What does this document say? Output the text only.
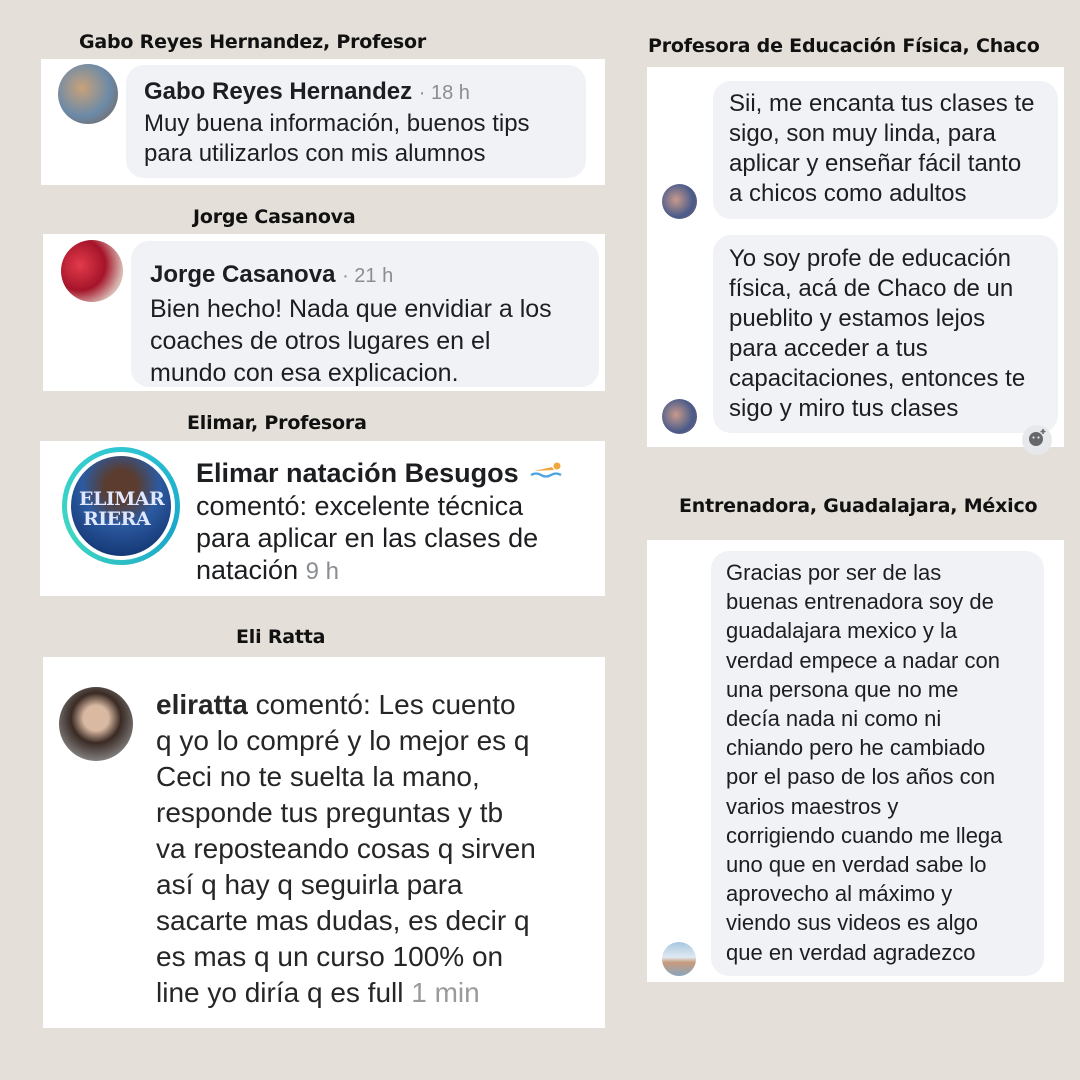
Gabo Reyes Hernandez, Profesor
Jorge Casanova
Elimar, Profesora
Eli Ratta
Profesora de Educación Física, Chaco
Entrenadora, Guadalajara, México
Gabo Reyes Hernandez · 18 h
Muy buena información, buenos tips
para utilizarlos con mis alumnos
Jorge Casanova · 21 h
Bien hecho! Nada que envidiar a los
coaches de otros lugares en el
mundo con esa explicacion.
ELIMAR
RIERA
Elimar natación Besugos
comentó: excelente técnica
para aplicar en las clases de
natación 9 h
eliratta comentó: Les cuento
q yo lo compré y lo mejor es q
Ceci no te suelta la mano,
responde tus preguntas y tb
va reposteando cosas q sirven
así q hay q seguirla para
sacarte mas dudas, es decir q
es mas q un curso 100% on
line yo diría q es full 1 min
Sii, me encanta tus clases te
sigo, son muy linda, para
aplicar y enseñar fácil tanto
a chicos como adultos
Yo soy profe de educación
física, acá de Chaco de un
pueblito y estamos lejos
para acceder a tus
capacitaciones, entonces te
sigo y miro tus clases
Gracias por ser de las
buenas entrenadora soy de
guadalajara mexico y la
verdad empece a nadar con
una persona que no me
decía nada ni como ni
chiando pero he cambiado
por el paso de los años con
varios maestros y
corrigiendo cuando me llega
uno que en verdad sabe lo
aprovecho al máximo y
viendo sus videos es algo
que en verdad agradezco
